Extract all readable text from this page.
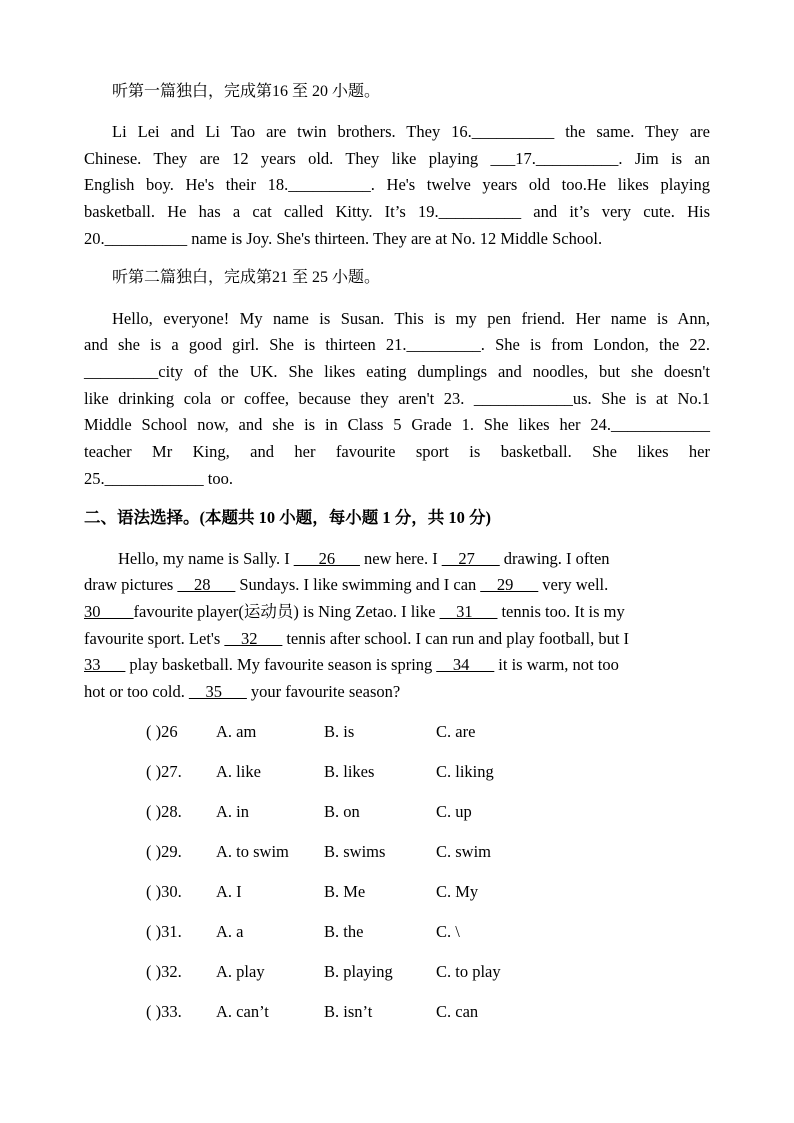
听第一篇独白，完成第16 至 20 小题。
Li Lei and Li Tao are twin brothers. They 16.__________ the same. They are
Chinese. They are 12 years old. They like playing ___17.__________. Jim is an
English boy. He's their 18.__________. He's twelve years old too.He likes playing
basketball. He has a cat called Kitty. It’s 19.__________ and it’s very cute. His
20.__________ name is Joy. She's thirteen. They are at No. 12 Middle School.
听第二篇独白，完成第21 至 25 小题。
Hello, everyone! My name is Susan. This is my pen friend. Her name is Ann,
and she is a good girl. She is thirteen 21._________. She is from London, the 22.
_________city of the UK. She likes eating dumplings and noodles, but she doesn't
like drinking cola or coffee, because they aren't 23. ____________us. She is at No.1
Middle School now, and she is in Class 5 Grade 1. She likes her 24.____________
teacher Mr King, and her favourite sport is basketball. She likes her
25.____________ too.
二、语法选择。(本题共 10 小题，每小题 1 分，共 10 分)
Hello, my name is Sally. I ___26___ new here. I __27___ drawing. I often
draw pictures __28___ Sundays. I like swimming and I can __29___ very well.
30____favourite player(运动员) is Ning Zetao. I like __31___ tennis too. It is my
favourite sport. Let's __32___ tennis after school. I can run and play football, but I
33___ play basketball. My favourite season is spring __34___ it is warm, not too
hot or too cold. __35___ your favourite season?
( )26 A. am	B. is	C. are
( )27. A. like	B. likes	C. liking
( )28. A. in	B. on	C. up
( )29. A. to swim B. swims	C. swim
( )30. A. I	B. Me	C. My
( )31. A. a	B. the	C. \
( )32. A. play	B. playing	C. to play
( )33. A. can’t	B. isn’t	C. can
